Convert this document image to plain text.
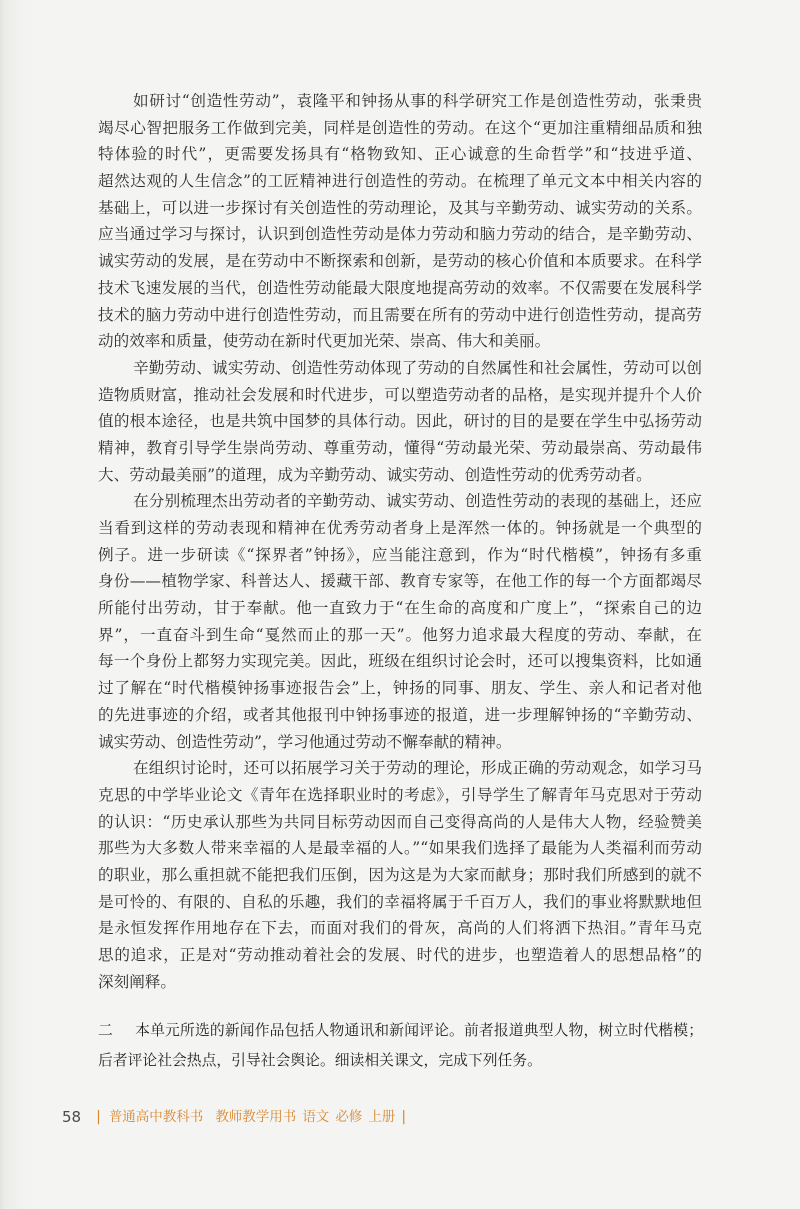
如研讨“创造性劳动”，袁隆平和钟扬从事的科学研究工作是创造性劳动，张秉贵
竭尽心智把服务工作做到完美，同样是创造性的劳动。在这个“更加注重精细品质和独
特体验的时代”，更需要发扬具有“格物致知、正心诚意的生命哲学”和“技进乎道、
超然达观的人生信念”的工匠精神进行创造性的劳动。在梳理了单元文本中相关内容的
基础上，可以进一步探讨有关创造性的劳动理论，及其与辛勤劳动、诚实劳动的关系。
应当通过学习与探讨，认识到创造性劳动是体力劳动和脑力劳动的结合，是辛勤劳动、
诚实劳动的发展，是在劳动中不断探索和创新，是劳动的核心价值和本质要求。在科学
技术飞速发展的当代，创造性劳动能最大限度地提高劳动的效率。不仅需要在发展科学
技术的脑力劳动中进行创造性劳动，而且需要在所有的劳动中进行创造性劳动，提高劳
动的效率和质量，使劳动在新时代更加光荣、崇高、伟大和美丽。
辛勤劳动、诚实劳动、创造性劳动体现了劳动的自然属性和社会属性，劳动可以创
造物质财富，推动社会发展和时代进步，可以塑造劳动者的品格，是实现并提升个人价
值的根本途径，也是共筑中国梦的具体行动。因此，研讨的目的是要在学生中弘扬劳动
精神，教育引导学生崇尚劳动、尊重劳动，懂得“劳动最光荣、劳动最崇高、劳动最伟
大、劳动最美丽”的道理，成为辛勤劳动、诚实劳动、创造性劳动的优秀劳动者。
在分别梳理杰出劳动者的辛勤劳动、诚实劳动、创造性劳动的表现的基础上，还应
当看到这样的劳动表现和精神在优秀劳动者身上是浑然一体的。钟扬就是一个典型的
例子。进一步研读《“探界者”钟扬》，应当能注意到，作为“时代楷模”，钟扬有多重
身份——植物学家、科普达人、援藏干部、教育专家等，在他工作的每一个方面都竭尽
所能付出劳动，甘于奉献。他一直致力于“在生命的高度和广度上”，“探索自己的边
界”，一直奋斗到生命“戛然而止的那一天”。他努力追求最大程度的劳动、奉献，在
每一个身份上都努力实现完美。因此，班级在组织讨论会时，还可以搜集资料，比如通
过了解在“时代楷模钟扬事迹报告会”上，钟扬的同事、朋友、学生、亲人和记者对他
的先进事迹的介绍，或者其他报刊中钟扬事迹的报道，进一步理解钟扬的“辛勤劳动、
诚实劳动、创造性劳动”，学习他通过劳动不懈奉献的精神。
在组织讨论时，还可以拓展学习关于劳动的理论，形成正确的劳动观念，如学习马
克思的中学毕业论文《青年在选择职业时的考虑》，引导学生了解青年马克思对于劳动
的认识：“历史承认那些为共同目标劳动因而自己变得高尚的人是伟大人物，经验赞美
那些为大多数人带来幸福的人是最幸福的人。”“如果我们选择了最能为人类福利而劳动
的职业，那么重担就不能把我们压倒，因为这是为大家而献身；那时我们所感到的就不
是可怜的、有限的、自私的乐趣，我们的幸福将属于千百万人，我们的事业将默默地但
是永恒发挥作用地存在下去，而面对我们的骨灰，高尚的人们将洒下热泪。”青年马克
思的追求，正是对“劳动推动着社会的发展、时代的进步，也塑造着人的思想品格”的
深刻阐释。
二 本单元所选的新闻作品包括人物通讯和新闻评论。前者报道典型人物，树立时代楷模；
后者评论社会热点，引导社会舆论。细读相关课文，完成下列任务。
58 | 普通高中教科书 教师教学用书 语文 必修 上册 |
